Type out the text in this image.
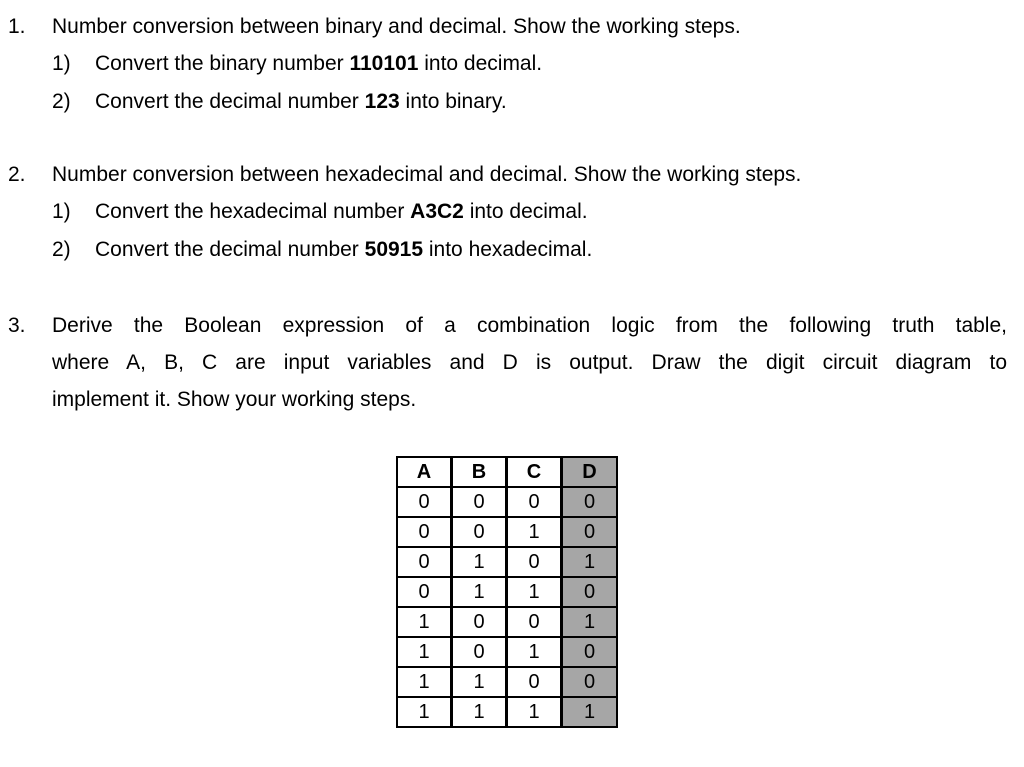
1. Number conversion between binary and decimal. Show the working steps.
1) Convert the binary number 110101 into decimal.
2) Convert the decimal number 123 into binary.
2. Number conversion between hexadecimal and decimal. Show the working steps.
1) Convert the hexadecimal number A3C2 into decimal.
2) Convert the decimal number 50915 into hexadecimal.
3. Derive the Boolean expression of a combination logic from the following truth table,
where A, B, C are input variables and D is output. Draw the digit circuit diagram to
implement it. Show your working steps.
A	B	C	D
0	0	0	0
0	0	1	0
0	1	0	1
0	1	1	0
1	0	0	1
1	0	1	0
1	1	0	0
1	1	1	1
